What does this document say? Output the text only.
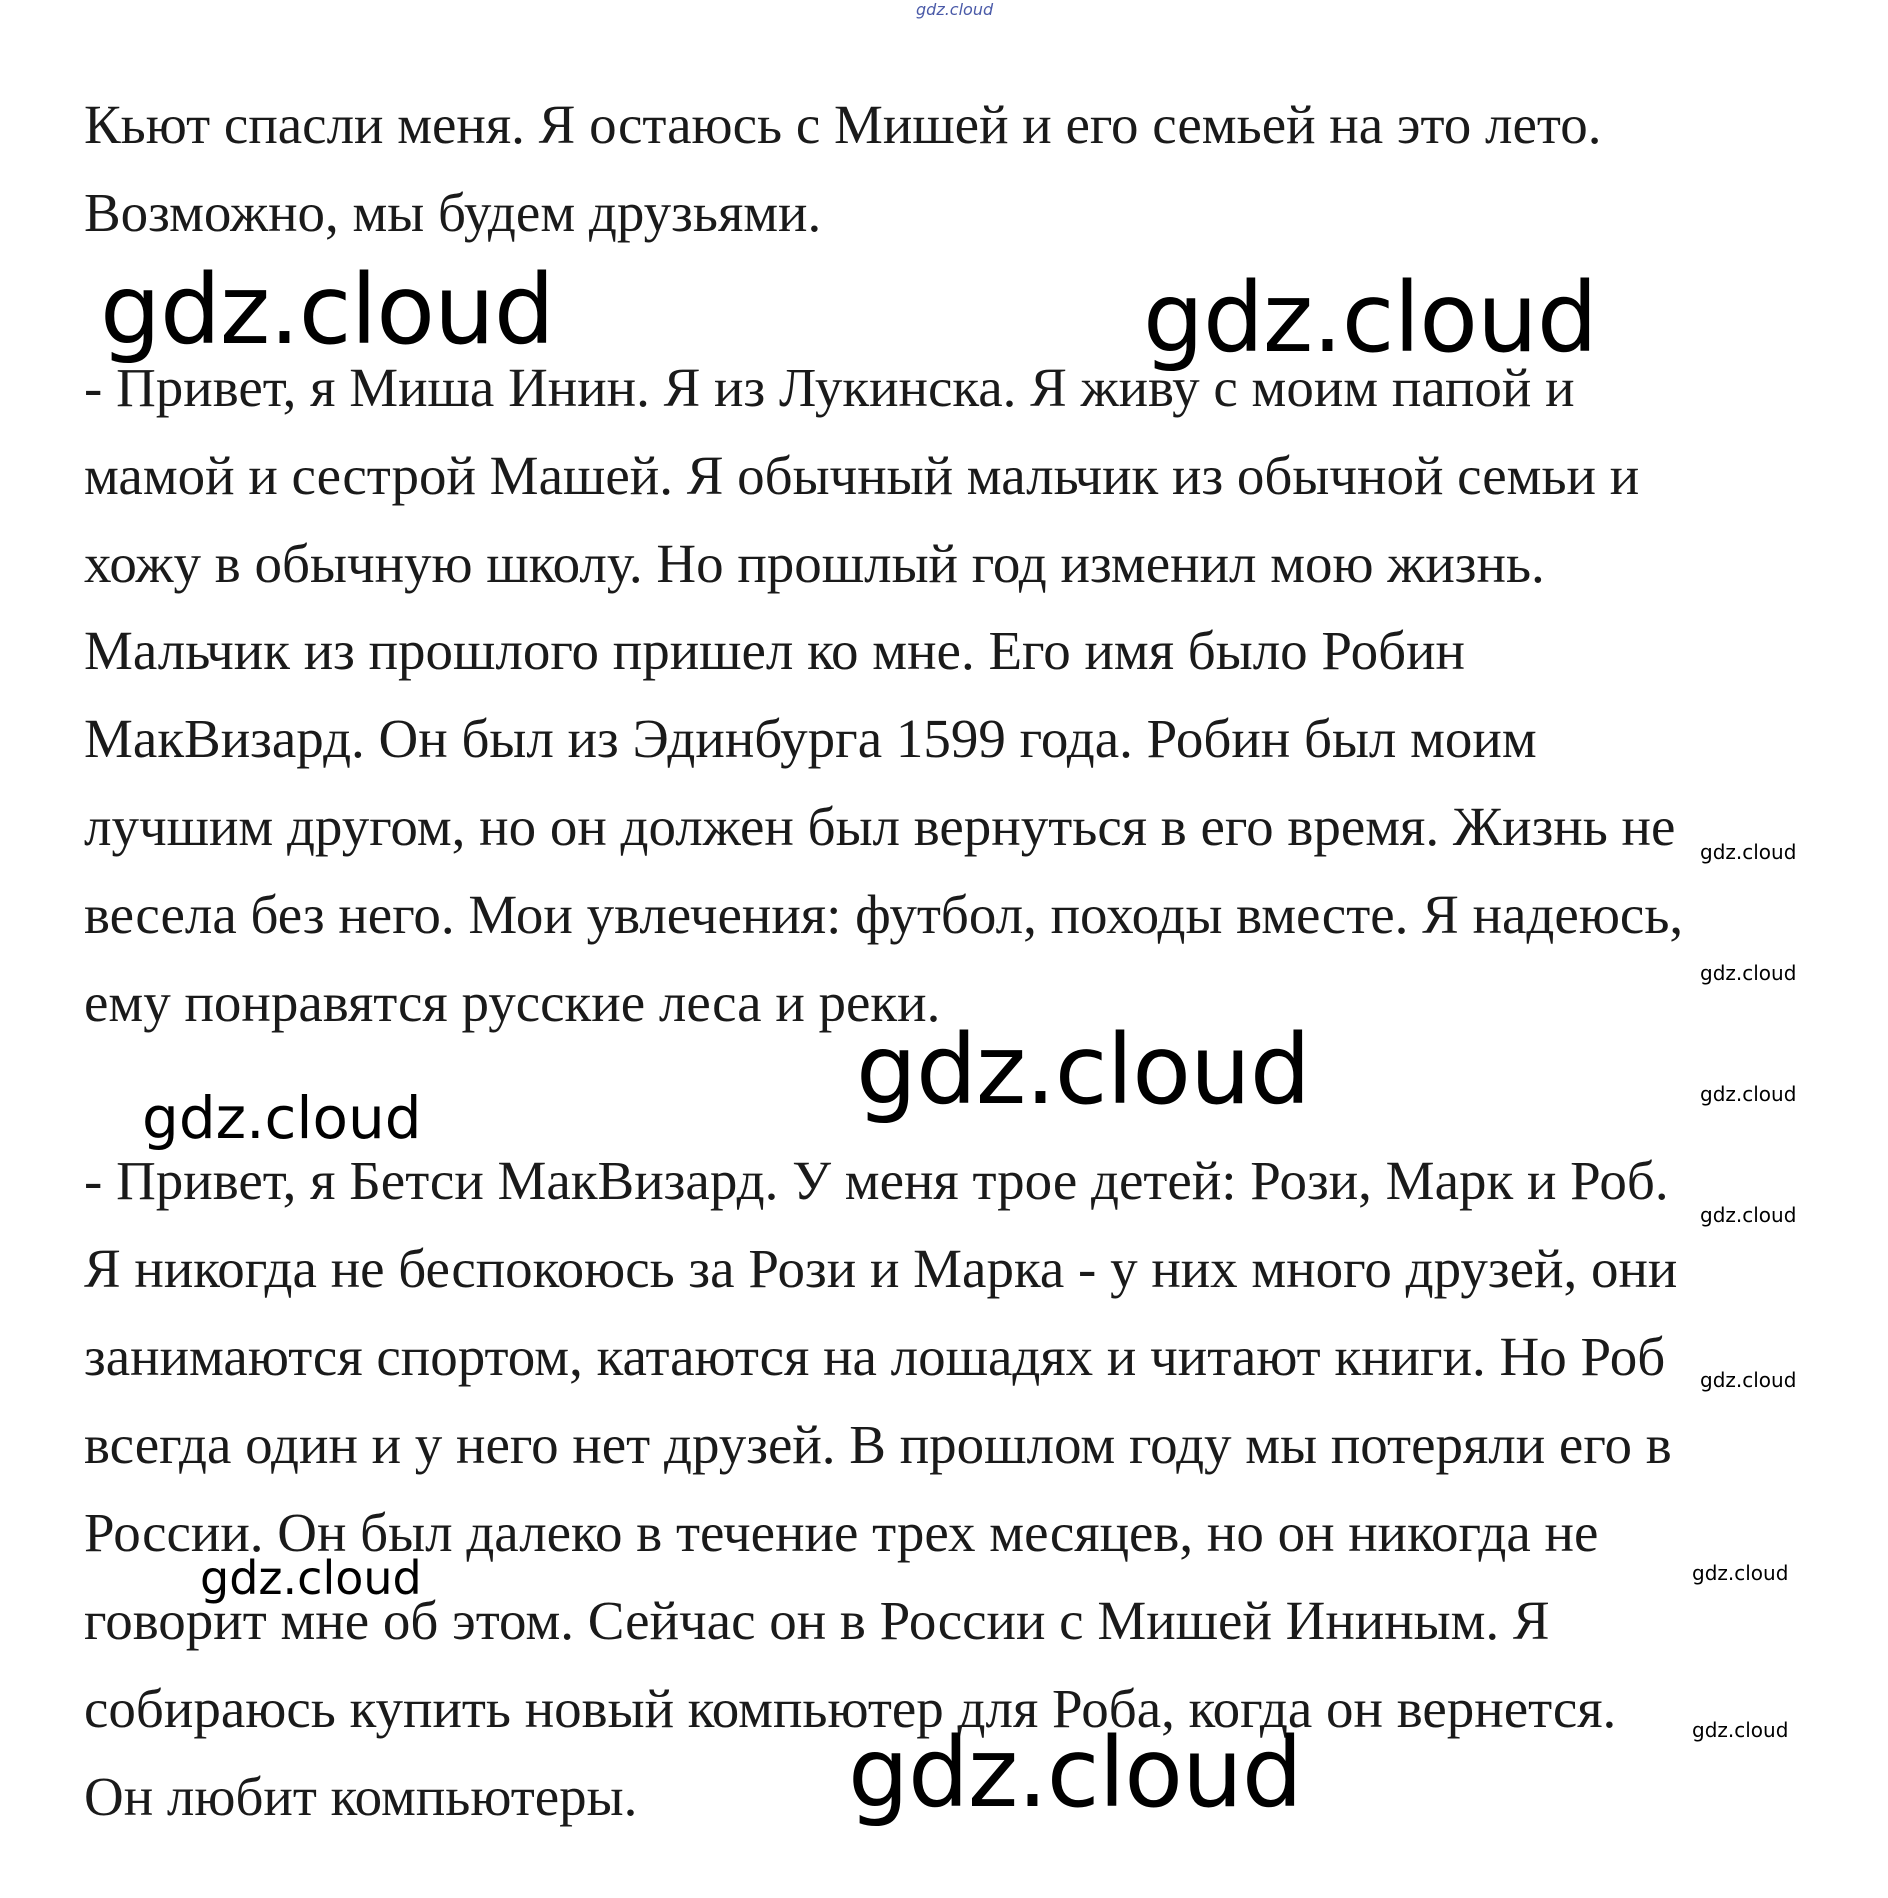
gdz.cloud
Кьют спасли меня. Я остаюсь с Мишей и его семьей на это лето.
Возможно, мы будем друзьями.
gdz.cloud	gdz.cloud
- Привет, я Миша Инин. Я из Лукинска. Я живу с моим папой и
мамой и сестрой Машей. Я обычный мальчик из обычной семьи и
хожу в обычную школу. Но прошлый год изменил мою жизнь.
Мальчик из прошлого пришел ко мне. Его имя было Робин
МакВизард. Он был из Эдинбурга 1599 года. Робин был моим
лучшим другом, но он должен был вернуться в его время. Жизнь не
весела без него. Мои увлечения: футбол, походы вместе. Я надеюсь,
ему понравятся русские леса и реки.
gdz.cloud
gdz.cloud
gdz.cloud
gdz.cloud
gdz.cloud
gdz.cloud
- Привет, я Бетси МакВизард. У меня трое детей: Рози, Марк и Роб.
Я никогда не беспокоюсь за Рози и Марка - у них много друзей, они
занимаются спортом, катаются на лошадях и читают книги. Но Роб
всегда один и у него нет друзей. В прошлом году мы потеряли его в
России. Он был далеко в течение трех месяцев, но он никогда не
говорит мне об этом. Сейчас он в России с Мишей Ининым. Я
собираюсь купить новый компьютер для Роба, когда он вернется.
Он любит компьютеры.
gdz.cloud
gdz.cloud	gdz.cloud
gdz.cloud
gdz.cloud
